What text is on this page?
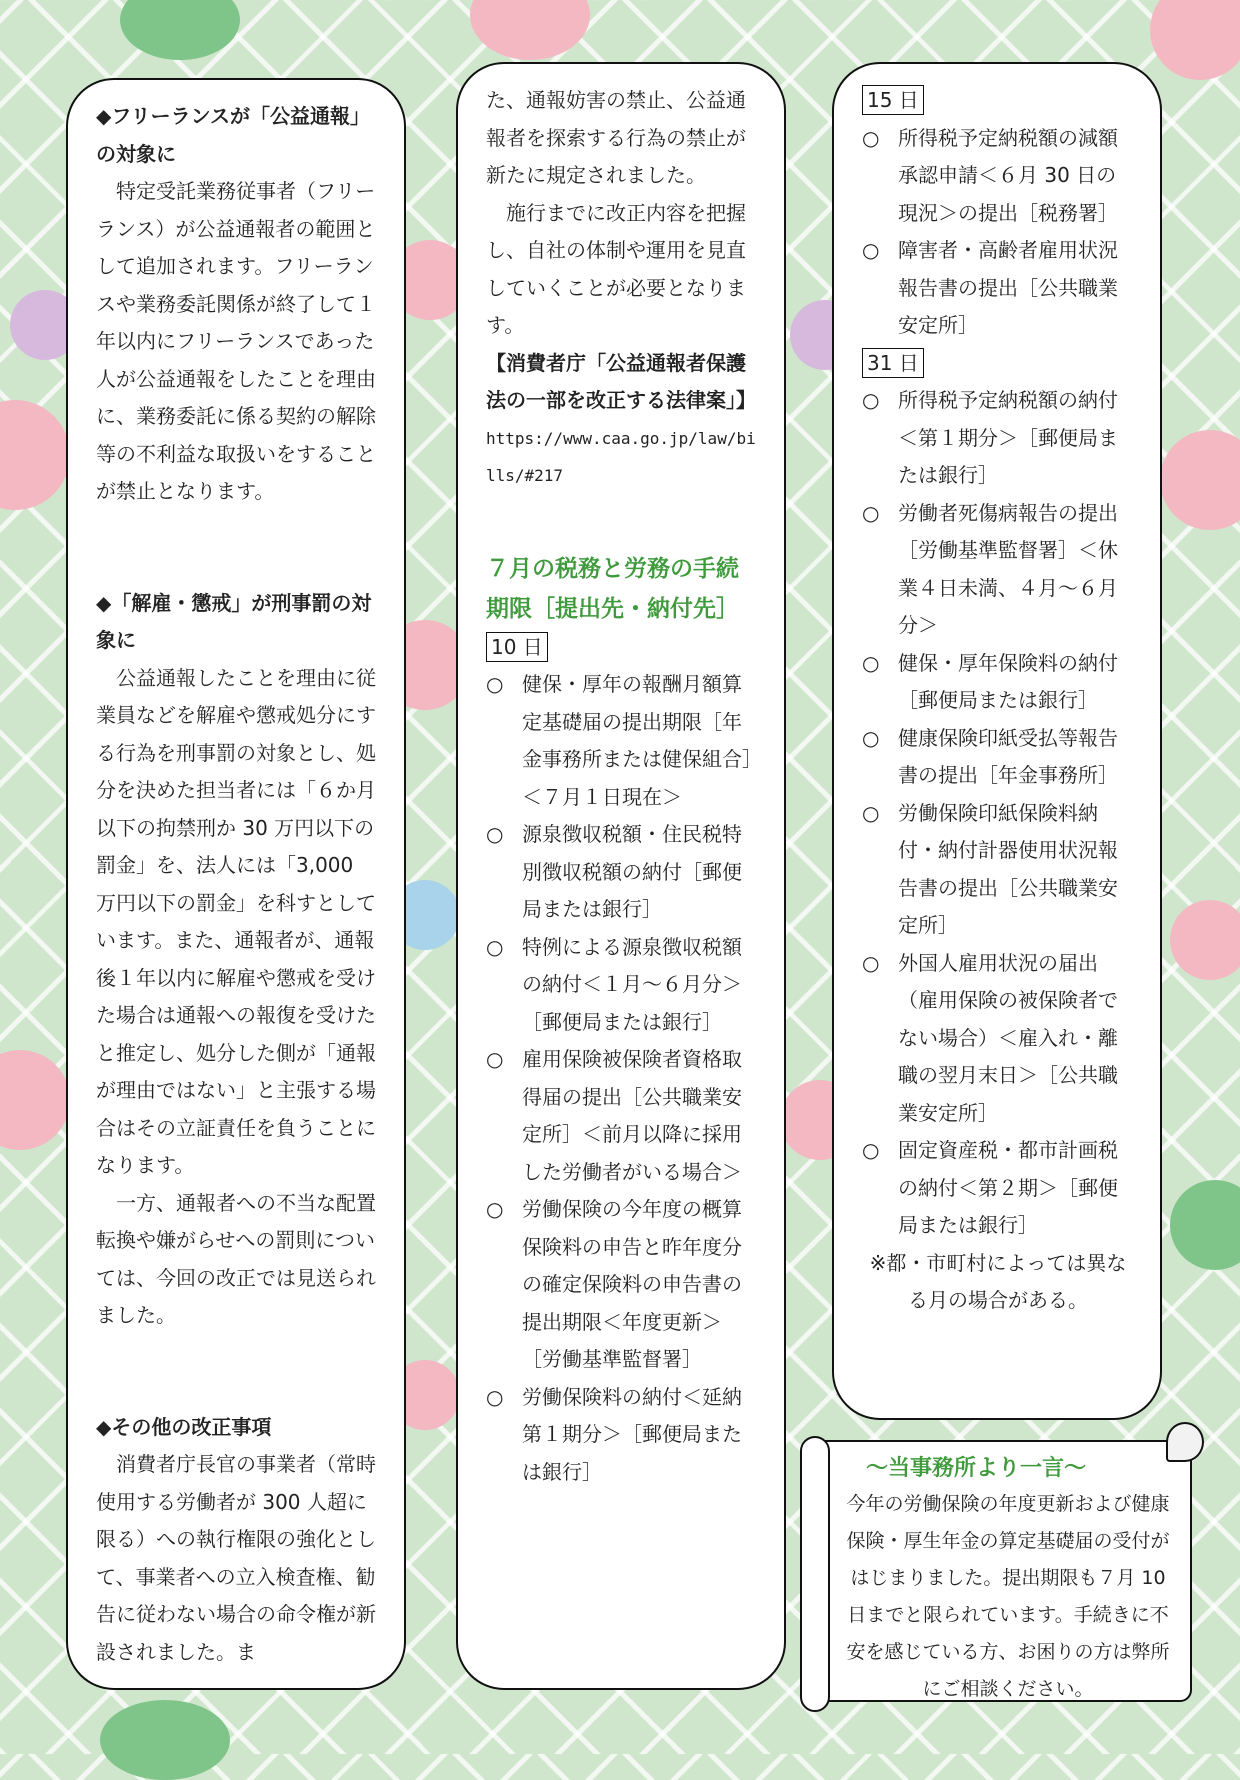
◆フリーランスが「公益通報」の対象に

特定受託業務従事者（フリーランス）が公益通報者の範囲として追加されます。フリーランスや業務委託関係が終了して１年以内にフリーランスであった人が公益通報をしたことを理由に、業務委託に係る契約の解除等の不利益な取扱いをすることが禁止となります。

◆「解雇・懲戒」が刑事罰の対象に

公益通報したことを理由に従業員などを解雇や懲戒処分にする行為を刑事罰の対象とし、処分を決めた担当者には「６か月以下の拘禁刑か 30 万円以下の罰金」を、法人には「3,000 万円以下の罰金」を科すとしています。また、通報者が、通報後１年以内に解雇や懲戒を受けた場合は通報への報復を受けたと推定し、処分した側が「通報が理由ではない」と主張する場合はその立証責任を負うことになります。

一方、通報者への不当な配置転換や嫌がらせへの罰則については、今回の改正では見送られました。

◆その他の改正事項

消費者庁長官の事業者（常時使用する労働者が 300 人超に限る）への執行権限の強化として、事業者への立入検査権、勧告に従わない場合の命令権が新設されました。ま

た、通報妨害の禁止、公益通報者を探索する行為の禁止が新たに規定されました。

施行までに改正内容を把握し、自社の体制や運用を見直していくことが必要となります。

【消費者庁「公益通報者保護法の一部を改正する法律案」】

https://www.caa.go.jp/law/bills/#217

７月の税務と労務の手続期限［提出先・納付先］

10 日
○ 健保・厚年の報酬月額算定基礎届の提出期限［年金事務所または健保組合］＜７月１日現在＞
○ 源泉徴収税額・住民税特別徴収税額の納付［郵便局または銀行］
○ 特例による源泉徴収税額の納付＜１月～６月分＞［郵便局または銀行］
○ 雇用保険被保険者資格取得届の提出［公共職業安定所］＜前月以降に採用した労働者がいる場合＞
○ 労働保険の今年度の概算保険料の申告と昨年度分の確定保険料の申告書の提出期限＜年度更新＞［労働基準監督署］
○ 労働保険料の納付＜延納第１期分＞［郵便局または銀行］
15 日
○ 所得税予定納税額の減額承認申請＜６月 30 日の現況＞の提出［税務署］
○ 障害者・高齢者雇用状況報告書の提出［公共職業安定所］
31 日
○ 所得税予定納税額の納付＜第１期分＞［郵便局または銀行］
○ 労働者死傷病報告の提出［労働基準監督署］＜休業４日未満、４月～６月分＞
○ 健保・厚年保険料の納付［郵便局または銀行］
○ 健康保険印紙受払等報告書の提出［年金事務所］
○ 労働保険印紙保険料納付・納付計器使用状況報告書の提出［公共職業安定所］
○ 外国人雇用状況の届出（雇用保険の被保険者でない場合）＜雇入れ・離職の翌月末日＞［公共職業安定所］
○ 固定資産税・都市計画税の納付＜第２期＞［郵便局または銀行］

※都・市町村によっては異なる月の場合がある。

～当事務所より一言～

今年の労働保険の年度更新および健康保険・厚生年金の算定基礎届の受付がはじまりました。提出期限も７月 10 日までと限られています。手続きに不安を感じている方、お困りの方は弊所にご相談ください。
